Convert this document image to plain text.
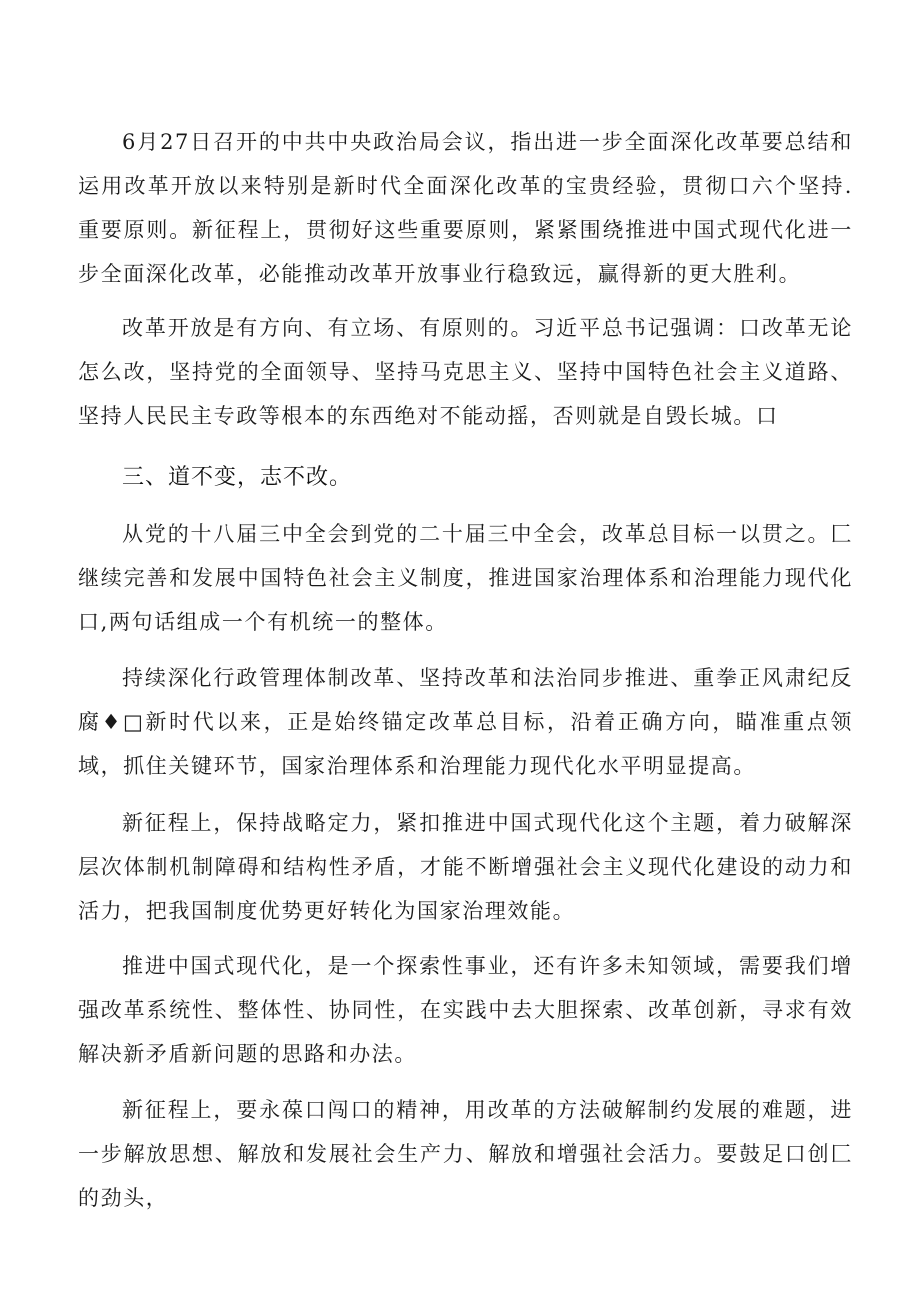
6月27日召开的中共中央政治局会议，指出进一步全面深化改革要总结和运用改革开放以来特别是新时代全面深化改革的宝贵经验，贯彻口六个坚持.重要原则。新征程上，贯彻好这些重要原则，紧紧围绕推进中国式现代化进一步全面深化改革，必能推动改革开放事业行稳致远，赢得新的更大胜利。

改革开放是有方向、有立场、有原则的。习近平总书记强调：口改革无论怎么改，坚持党的全面领导、坚持马克思主义、坚持中国特色社会主义道路、坚持人民民主专政等根本的东西绝对不能动摇，否则就是自毁长城。口

三、道不变，志不改。

从党的十八届三中全会到党的二十届三中全会，改革总目标一以贯之。匚继续完善和发展中国特色社会主义制度，推进国家治理体系和治理能力现代化口,两句话组成一个有机统一的整体。

持续深化行政管理体制改革、坚持改革和法治同步推进、重拳正风肃纪反腐♦□新时代以来，正是始终锚定改革总目标，沿着正确方向，瞄准重点领域，抓住关键环节，国家治理体系和治理能力现代化水平明显提高。

新征程上，保持战略定力，紧扣推进中国式现代化这个主题，着力破解深层次体制机制障碍和结构性矛盾，才能不断增强社会主义现代化建设的动力和活力，把我国制度优势更好转化为国家治理效能。

推进中国式现代化，是一个探索性事业，还有许多未知领域，需要我们增强改革系统性、整体性、协同性，在实践中去大胆探索、改革创新，寻求有效解决新矛盾新问题的思路和办法。

新征程上，要永葆口闯口的精神，用改革的方法破解制约发展的难题，进一步解放思想、解放和发展社会生产力、解放和增强社会活力。要鼓足口创匚的劲头，
